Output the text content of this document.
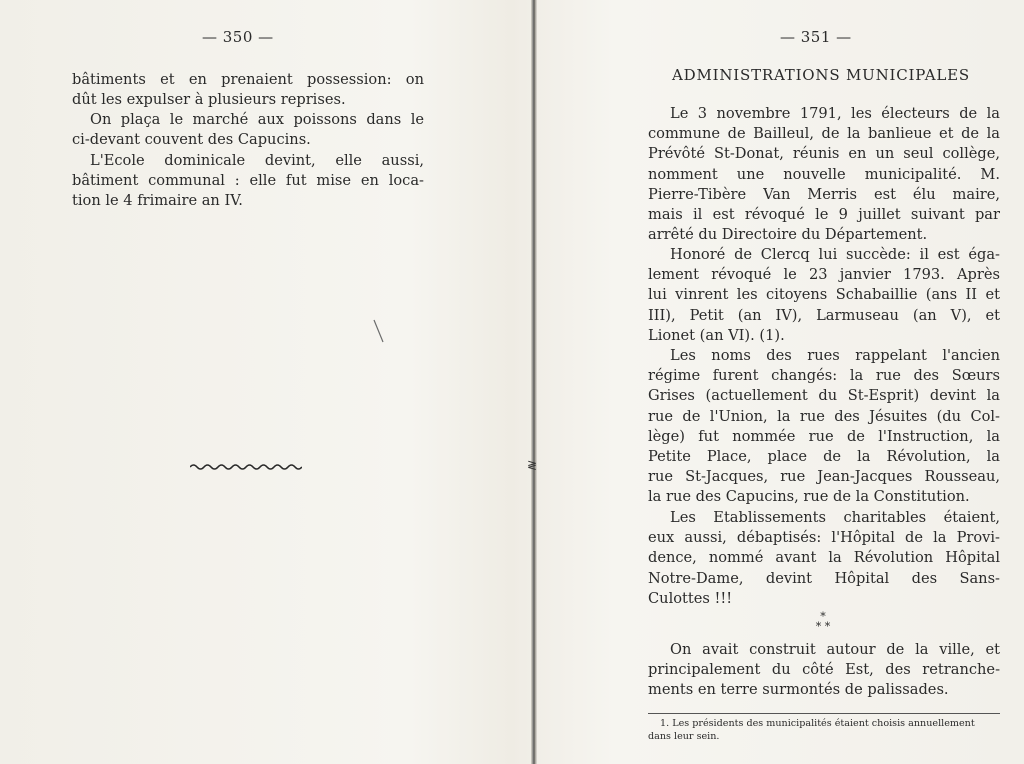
— 350 —

bâtiments et en prenaient possession: on
dût les expulser à plusieurs reprises.

On plaça le marché aux poissons dans le
ci-devant couvent des Capucins.

L'Ecole dominicale devint, elle aussi,
bâtiment communal : elle fut mise en loca-
tion le 4 frimaire an IV.

≷
— 351 —
ADMINISTRATIONS MUNICIPALES

Le 3 novembre 1791, les électeurs de la
commune de Bailleul, de la banlieue et de la
Prévôté St-Donat, réunis en un seul collège,
nomment une nouvelle municipalité. M.
Pierre-Tibère Van Merris est élu maire,
mais il est révoqué le 9 juillet suivant par
arrêté du Directoire du Département.

Honoré de Clercq lui succède: il est éga-
lement révoqué le 23 janvier 1793. Après
lui vinrent les citoyens Schabaillie (ans II et
III), Petit (an IV), Larmuseau (an V), et
Lionet (an VI). (1).

Les noms des rues rappelant l'ancien
régime furent changés: la rue des Sœurs
Grises (actuellement du St-Esprit) devint la
rue de l'Union, la rue des Jésuites (du Col-
lège) fut nommée rue de l'Instruction, la
Petite Place, place de la Révolution, la
rue St-Jacques, rue Jean-Jacques Rousseau,
la rue des Capucins, rue de la Constitution.

Les Etablissements charitables étaient,
eux aussi, débaptisés: l'Hôpital de la Provi-
dence, nommé avant la Révolution Hôpital
Notre-Dame, devint Hôpital des Sans-
Culottes !!!

*
* *

On avait construit autour de la ville, et
principalement du côté Est, des retranche-
ments en terre surmontés de palissades.

1. Les présidents des municipalités étaient choisis annuellement
dans leur sein.
